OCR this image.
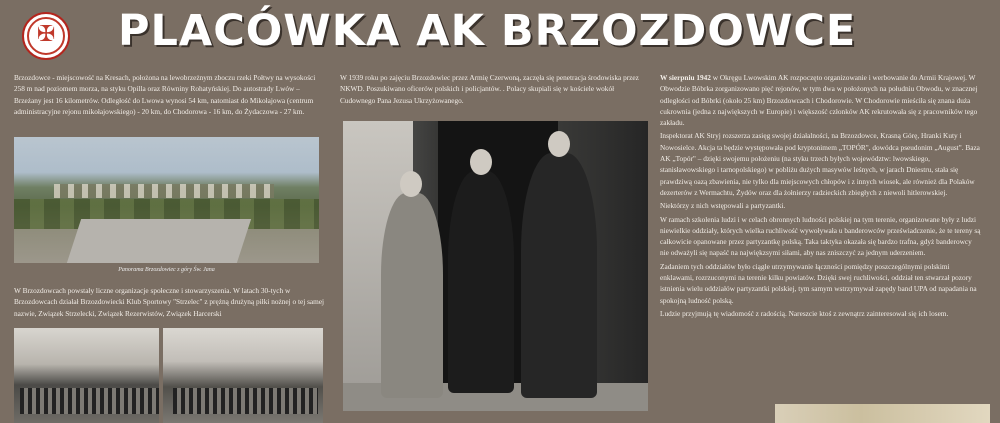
✠ PLACÓWKA AK BRZOZDOWCE

Brzozdowce - miejscowość na Kresach, położona na lewobrzeżnym zboczu rzeki Połtwy na wysokości 258 m nad poziomem morza, na styku Opilla oraz Równiny Rohatyńskiej. Do autostrady Lwów – Brzeżany jest 16 kilometrów. Odległość do Lwowa wynosi 54 km, natomiast do Mikołajowa (centrum administracyjne rejonu mikołajowskiego) - 20 km, do Chodorowa - 16 km, do Żydaczowa - 27 km.

Panorama Brzozdowiec z góry Św. Jana

W Brzozdowcach powstały liczne organizacje społeczne i stowarzyszenia. W latach 30-tych w Brzozdowcach działał Brzozdowiecki Klub Sportowy "Strzelec" z prężną drużyną piłki nożnej o tej samej nazwie, Związek Strzelecki, Związek Rezerwistów, Związek Harcerski

W 1939 roku po zajęciu Brzozdowiec przez Armię Czerwoną, zaczęła się penetracja środowiska przez NKWD. Poszukiwano oficerów polskich i policjantów. . Polacy skupiali się w kościele wokół Cudownego Pana Jezusa Ukrzyżowanego.

W sierpniu 1942 w Okręgu Lwowskim AK rozpoczęto organizowanie i werbowanie do Armii Krajowej. W Obwodzie Bóbrka zorganizowano pięć rejonów, w tym dwa w położonych na południu Obwodu, w znacznej odległości od Bóbrki (około 25 km) Brzozdowcach i Chodorowie. W Chodorowie mieściła się znana duża cukrownia (jedna z największych w Europie) i większość członków AK rekrutowała się z pracowników tego zakładu.

Inspektorat AK Stryj rozszerza zasięg swojej działalności, na Brzozdowce, Krasną Górę, Hranki Kuty i Nowosielce. Akcja ta będzie występowała pod kryptonimem „TOPÓR", dowódca pseudonim „August". Baza AK „Topór" – dzięki swojemu położeniu (na styku trzech byłych województw: lwowskiego, stanisławowskiego i tarnopolskiego) w pobliżu dużych masywów leśnych, w jarach Dniestru, stała się prawdziwą oazą zbawienia, nie tylko dla miejscowych chłopów i z innych wiosek, ale również dla Polaków dezerterów z Wermachtu, Żydów oraz dla żołnierzy radzieckich zbiegłych z niewoli hitlerowskiej.

Niektórzy z nich wstępowali a partyzantki.

W ramach szkolenia ludzi i w celach obronnych ludności polskiej na tym terenie, organizowane były z ludzi niewielkie oddziały, których wielka ruchliwość wywoływała u banderowców przeświadczenie, że te tereny są całkowicie opanowane przez partyzantkę polską. Taka taktyka okazała się bardzo trafna, gdyż banderowcy nie odważyli się napaść na najwiękzsymi siłami, aby nas zniszczyć za jednym uderzeniem.

Zadaniem tych oddziałów było ciągłe utrzymywanie łączności pomiędzy poszczególnymi polskimi enklawami, rozrzuconymi na terenie kilku powiatów. Dzięki swej ruchliwości, oddział ten stwarzał pozory istnienia wielu oddziałów partyzantki polskiej, tym samym wstrzymywał zapędy band UPA od napadania na spokojną ludność polską.

Ludzie przyjmują tę wiadomość z radością. Nareszcie ktoś z zewnątrz zainteresował się ich losem.
